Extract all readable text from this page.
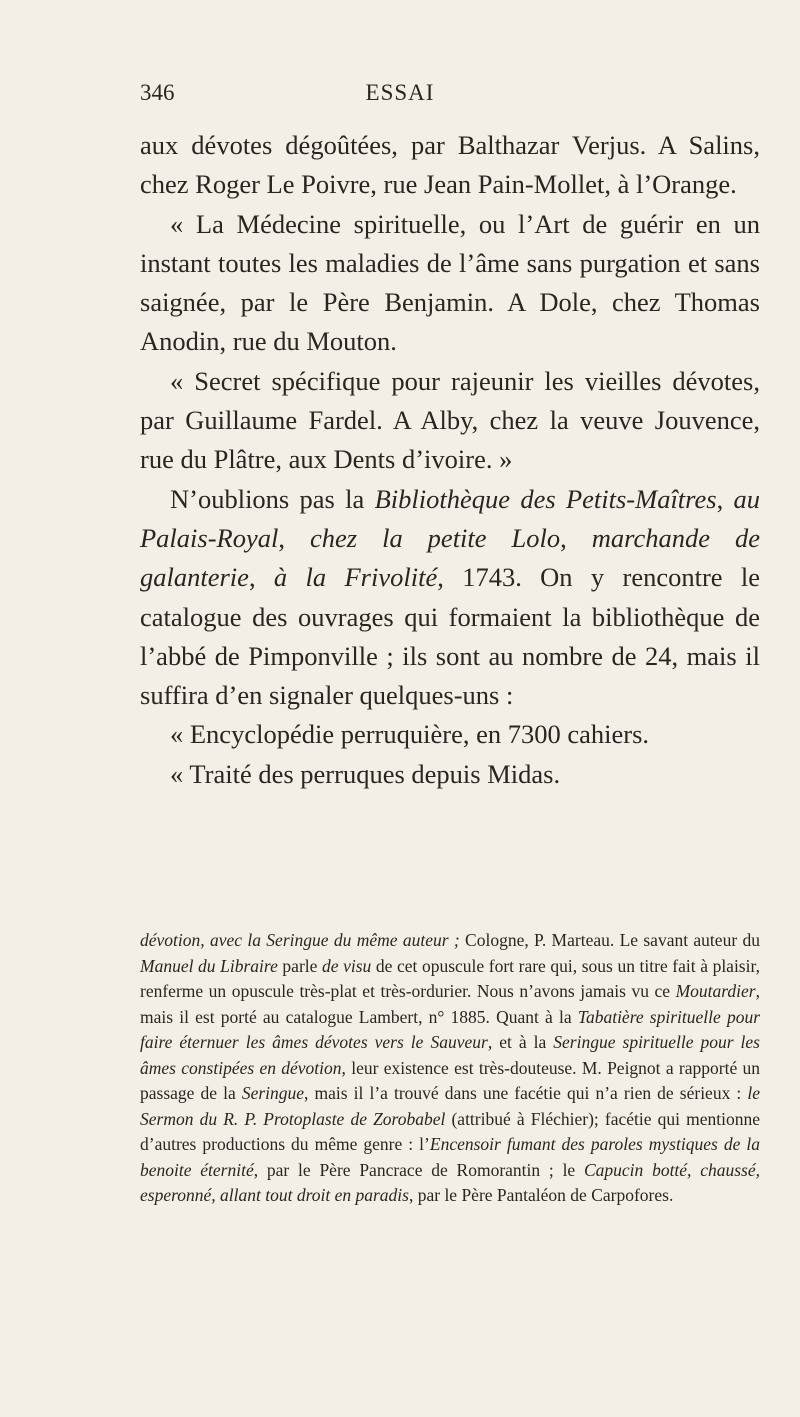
346	ESSAI

aux dévotes dégoûtées, par Balthazar Verjus. A Salins, chez Roger Le Poivre, rue Jean Pain-Mollet, à l’Orange.

« La Médecine spirituelle, ou l’Art de guérir en un instant toutes les maladies de l’âme sans purgation et sans saignée, par le Père Benjamin. A Dole, chez Thomas Anodin, rue du Mouton.

« Secret spécifique pour rajeunir les vieilles dévotes, par Guillaume Fardel. A Alby, chez la veuve Jouvence, rue du Plâtre, aux Dents d’ivoire. »

N’oublions pas la Bibliothèque des Petits-Maîtres, au Palais-Royal, chez la petite Lolo, marchande de galanterie, à la Frivolité, 1743. On y rencontre le catalogue des ouvrages qui formaient la bibliothèque de l’abbé de Pimponville ; ils sont au nombre de 24, mais il suffira d’en signaler quelques-uns :

« Encyclopédie perruquière, en 7300 cahiers.

« Traité des perruques depuis Midas.

dévotion, avec la Seringue du même auteur ; Cologne, P. Marteau. Le savant auteur du Manuel du Libraire parle de visu de cet opuscule fort rare qui, sous un titre fait à plaisir, renferme un opuscule très-plat et très-ordurier. Nous n’avons jamais vu ce Moutardier, mais il est porté au catalogue Lambert, n° 1885. Quant à la Tabatière spirituelle pour faire éternuer les âmes dévotes vers le Sauveur, et à la Seringue spirituelle pour les âmes constipées en dévotion, leur existence est très-douteuse. M. Peignot a rapporté un passage de la Seringue, mais il l’a trouvé dans une facétie qui n’a rien de sérieux : le Sermon du R. P. Protoplaste de Zorobabel (attribué à Fléchier); facétie qui mentionne d’autres productions du même genre : l’Encensoir fumant des paroles mystiques de la benoite éternité, par le Père Pancrace de Romorantin ; le Capucin botté, chaussé, esperonné, allant tout droit en paradis, par le Père Pantaléon de Carpofores.
